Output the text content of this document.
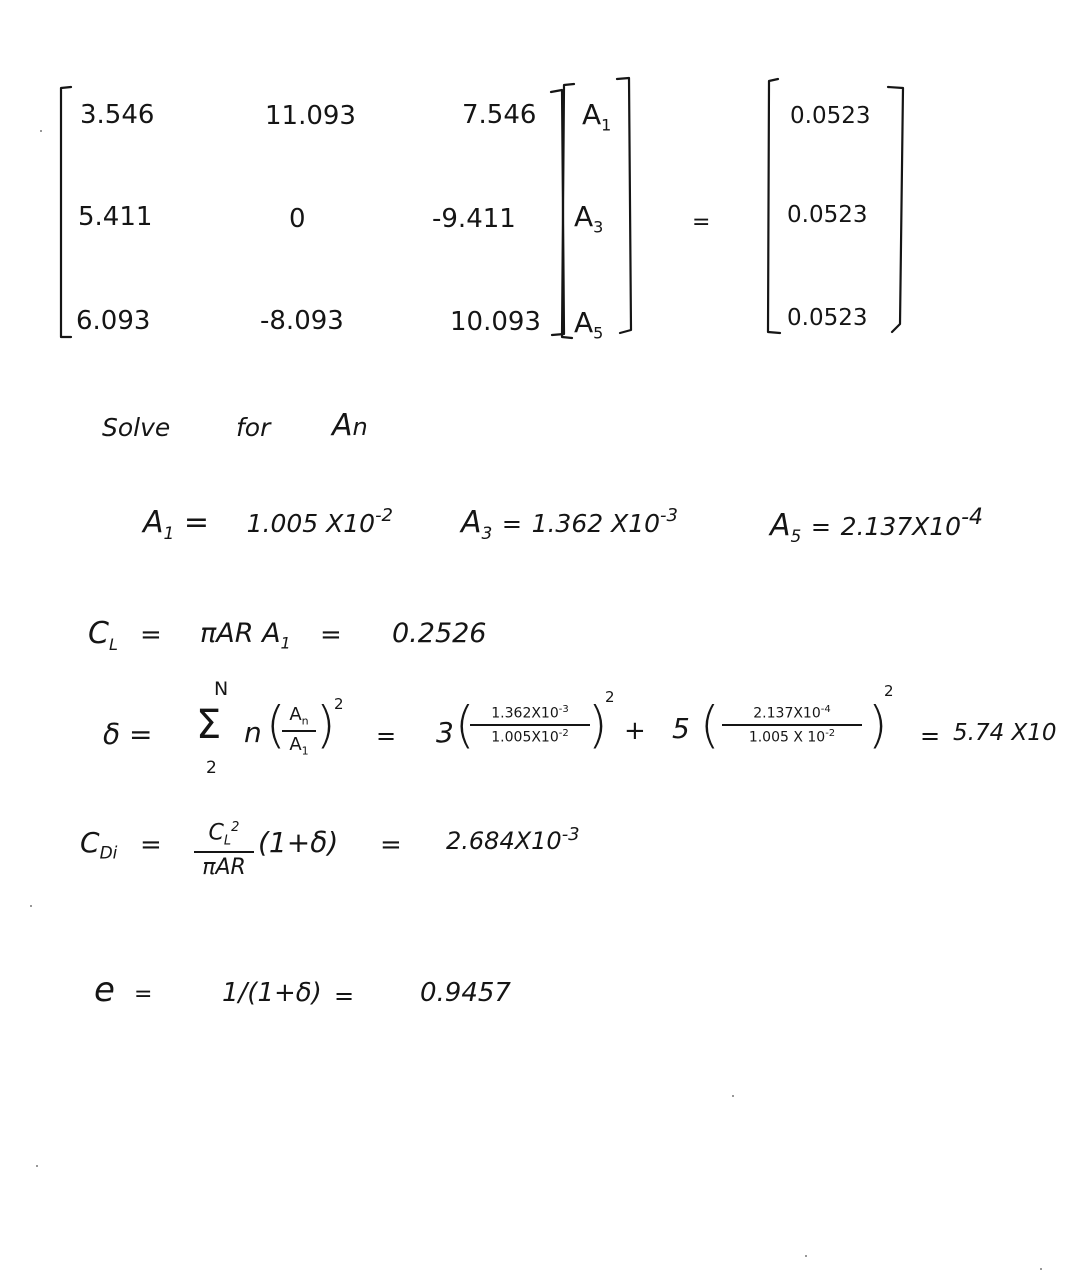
3.546	11.093	7.546
5.411	0	-9.411
6.093	-8.093	10.093
$A_1$
$A_3$
$A_5$
=
0.0523
0.0523
0.0523
Solve	for An
$A_1 = 1.005$ $X10^{-2}$ $A_3 = 1.362$ $X10^{-3}$	$A_5 = 2.137X10^{-4}$
$C_L = \pi AR$ $A_1 = 0.2526$
δ =
N
Σ
2
n ( $A_n$
$A_1$ )
2
= 3 (	$1.362X10^{-3}$
$1.005X10^{-2}$ )
2
+ 5 (	$2.137X10^{-4}$
1.005 X $10^{-2}$ )
2
= 5.74 X10
$C_{Di}$ =	$C_L^2$
πAR
$(1+\delta) = 2.684X10^{-3}$
e =	1/(1+δ) =	0.9457
